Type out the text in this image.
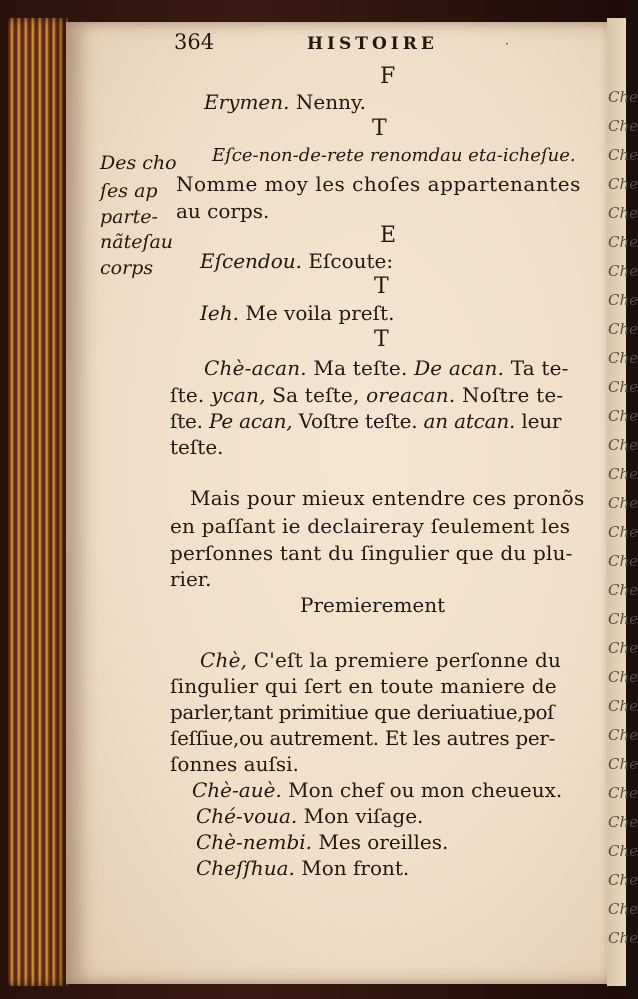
Che
Che
Che
Che
Che
Che
Che
Che
Che
Che
Che
Che
Che
Che
Che
Che
Che
Che
Che
Che
Che
Che
Che
Che
Che
Che
Che
Che
Che
Che
364	HISTOIRE	·
F
Erymen. Nenny.
T
Eſce-non-de-rete renomdau eta-icheſue.
Nomme moy les choſes appartenantes
au corps.
E
Eſcendou. Eſcoute:
T
Ieh. Me voila preſt.
T
Chè-acan. Ma teſte. De acan. Ta te-
ſte. ycan, Sa teſte, oreacan. Noſtre te-
ſte. Pe acan, Voſtre teſte. an atcan. leur
teſte.
Des cho
ſes ap
parte-
nãteſau
corps
Mais pour mieux entendre ces pronõs
en paſſant ie declaireray ſeulement les
perſonnes tant du ſingulier que du plu-
rier.
Premierement
Chè, C'eſt la premiere perſonne du
ſingulier qui ſert en toute maniere de
parler,tant primitiue que deriuatiue,poſ
ſeſſiue,ou autrement. Et les autres per-
ſonnes auſsi.
Chè-auè. Mon chef ou mon cheueux.
Ché-voua. Mon viſage.
Chè-nembi. Mes oreilles.
Cheſſhua. Mon front.
